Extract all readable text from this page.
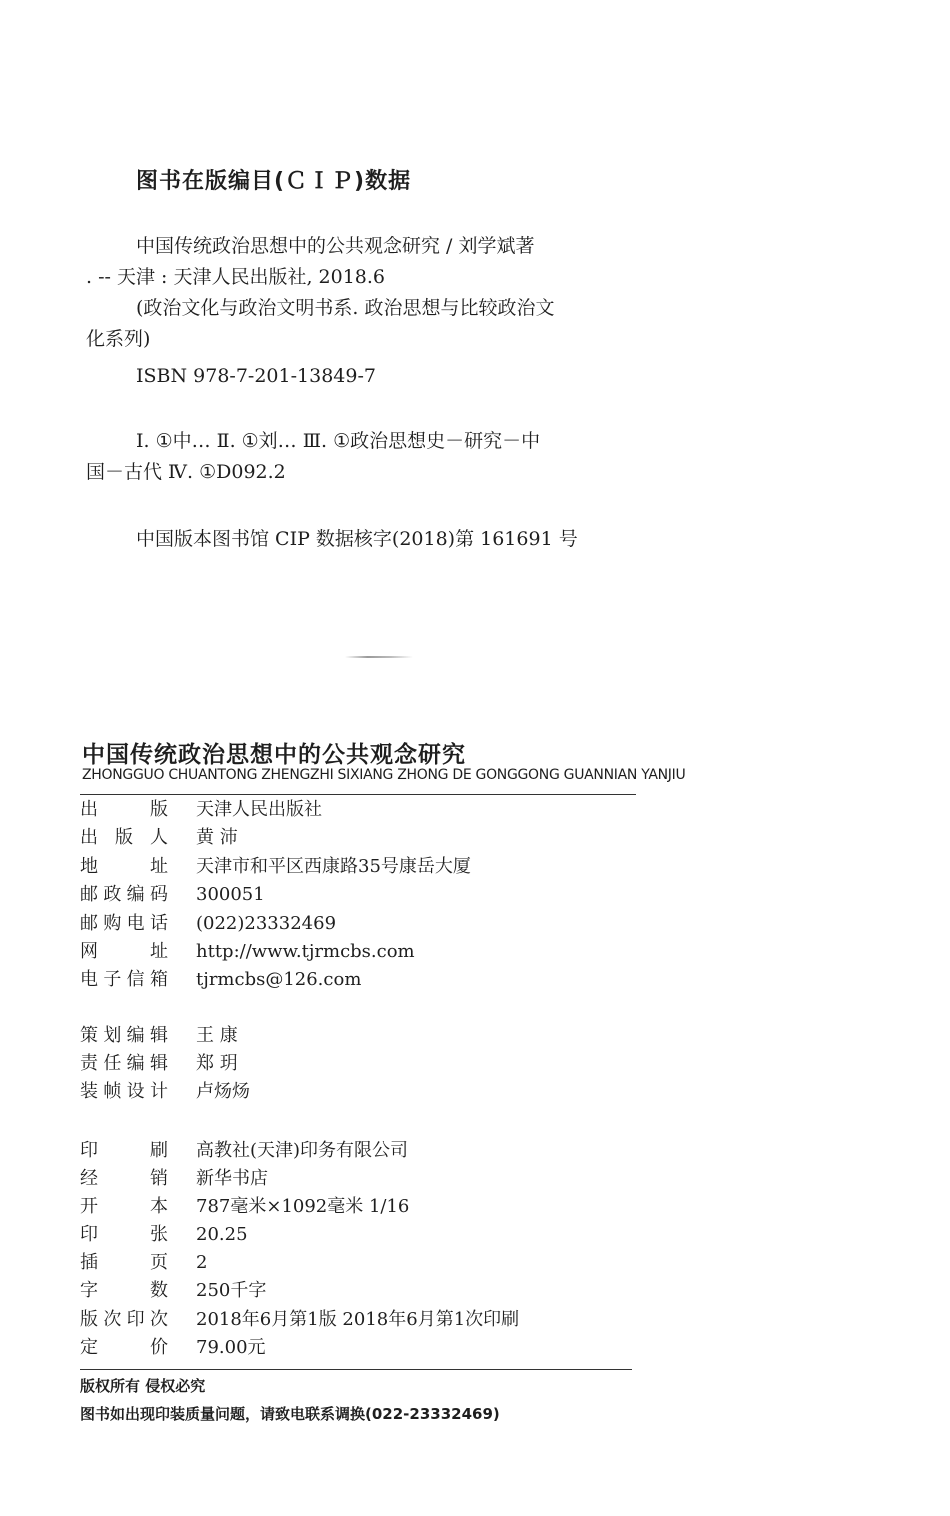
图书在版编目(ＣＩＰ)数据
中国传统政治思想中的公共观念研究 / 刘学斌著
. -- 天津 : 天津人民出版社, 2018.6
(政治文化与政治文明书系. 政治思想与比较政治文
化系列)
ISBN 978-7-201-13849-7
Ⅰ. ①中… Ⅱ. ①刘… Ⅲ. ①政治思想史－研究－中
国－古代 Ⅳ. ①D092.2
中国版本图书馆 CIP 数据核字(2018)第 161691 号
中国传统政治思想中的公共观念研究
ZHONGGUO CHUANTONG ZHENGZHI SIXIANG ZHONG DE GONGGONG GUANNIAN YANJIU
出版 天津人民出版社
出版人 黄 沛
地址 天津市和平区西康路35号康岳大厦
邮政编码 300051
邮购电话 (022)23332469
网址 http://www.tjrmcbs.com
电子信箱 tjrmcbs@126.com
策划编辑 王 康
责任编辑 郑 玥
装帧设计 卢炀炀
印刷 高教社(天津)印务有限公司
经销 新华书店
开本 787毫米×1092毫米 1/16
印张 20.25
插页 2
字数 250千字
版次印次 2018年6月第1版 2018年6月第1次印刷
定价 79.00元
版权所有 侵权必究
图书如出现印装质量问题，请致电联系调换(022-23332469)
